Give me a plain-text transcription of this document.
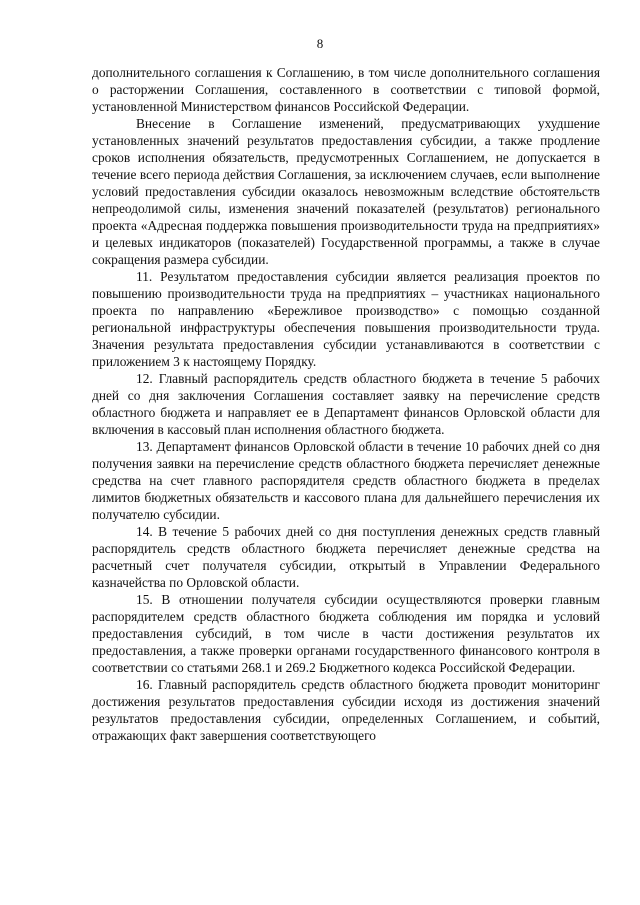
8

дополнительного соглашения к Соглашению, в том числе дополнительного соглашения о расторжении Соглашения, составленного в соответствии с типовой формой, установленной Министерством финансов Российской Федерации.

Внесение в Соглашение изменений, предусматривающих ухудшение установленных значений результатов предоставления субсидии, а также продление сроков исполнения обязательств, предусмотренных Соглашением, не допускается в течение всего периода действия Соглашения, за исключением случаев, если выполнение условий предоставления субсидии оказалось невозможным вследствие обстоятельств непреодолимой силы, изменения значений показателей (результатов) регионального проекта «Адресная поддержка повышения производительности труда на предприятиях» и целевых индикаторов (показателей) Государственной программы, а также в случае сокращения размера субсидии.

11. Результатом предоставления субсидии является реализация проектов по повышению производительности труда на предприятиях – участниках национального проекта по направлению «Бережливое производство» с помощью созданной региональной инфраструктуры обеспечения повышения производительности труда. Значения результата предоставления субсидии устанавливаются в соответствии с приложением 3 к настоящему Порядку.

12. Главный распорядитель средств областного бюджета в течение 5 рабочих дней со дня заключения Соглашения составляет заявку на перечисление средств областного бюджета и направляет ее в Департамент финансов Орловской области для включения в кассовый план исполнения областного бюджета.

13. Департамент финансов Орловской области в течение 10 рабочих дней со дня получения заявки на перечисление средств областного бюджета перечисляет денежные средства на счет главного распорядителя средств областного бюджета в пределах лимитов бюджетных обязательств и кассового плана для дальнейшего перечисления их получателю субсидии.

14. В течение 5 рабочих дней со дня поступления денежных средств главный распорядитель средств областного бюджета перечисляет денежные средства на расчетный счет получателя субсидии, открытый в Управлении Федерального казначейства по Орловской области.

15. В отношении получателя субсидии осуществляются проверки главным распорядителем средств областного бюджета соблюдения им порядка и условий предоставления субсидий, в том числе в части достижения результатов их предоставления, а также проверки органами государственного финансового контроля в соответствии со статьями 268.1 и 269.2 Бюджетного кодекса Российской Федерации.

16. Главный распорядитель средств областного бюджета проводит мониторинг достижения результатов предоставления субсидии исходя из достижения значений результатов предоставления субсидии, определенных Соглашением, и событий, отражающих факт завершения соответствующего
